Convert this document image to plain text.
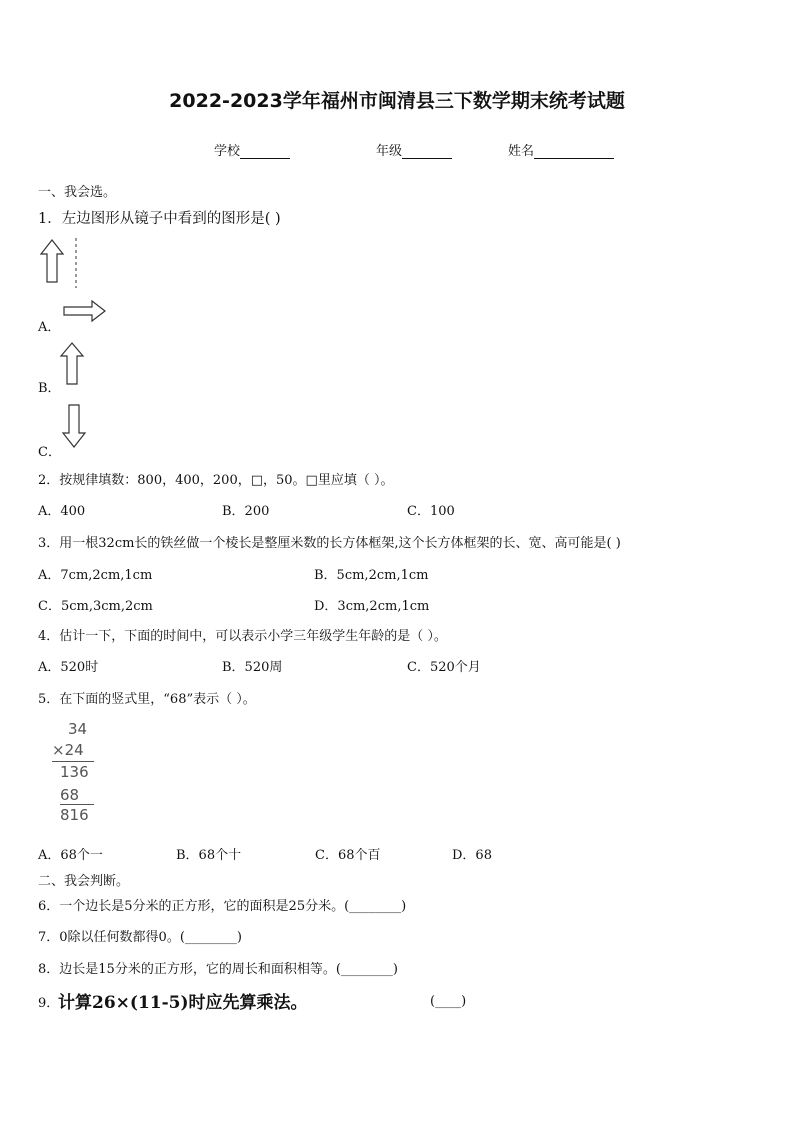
2022-2023学年福州市闽清县三下数学期末统考试题
学校	年级	姓名
一、我会选。
1．左边图形从镜子中看到的图形是( )
A．
B．
C．
2．按规律填数：800，400，200，□，50。□里应填（ ）。
A．400	B．200	C．100
3．用一根32cm长的铁丝做一个棱长是整厘米数的长方体框架,这个长方体框架的长、宽、高可能是( )
A．7cm,2cm,1cm	B．5cm,2cm,1cm
C．5cm,3cm,2cm	D．3cm,2cm,1cm
4．估计一下，下面的时间中，可以表示小学三年级学生年龄的是（ ）。
A．520时	B．520周	C．520个月
5．在下面的竖式里，“68”表示（ ）。
34
×24
136
68
816
A．68个一	B．68个十	C．68个百	D．68
二、我会判断。
6．一个边长是5分米的正方形，它的面积是25分米。(________)
7．0除以任何数都得0。(________)
8．边长是15分米的正方形，它的周长和面积相等。(________)
9．
计算26×(11-5)时应先算乘法。	(____)
